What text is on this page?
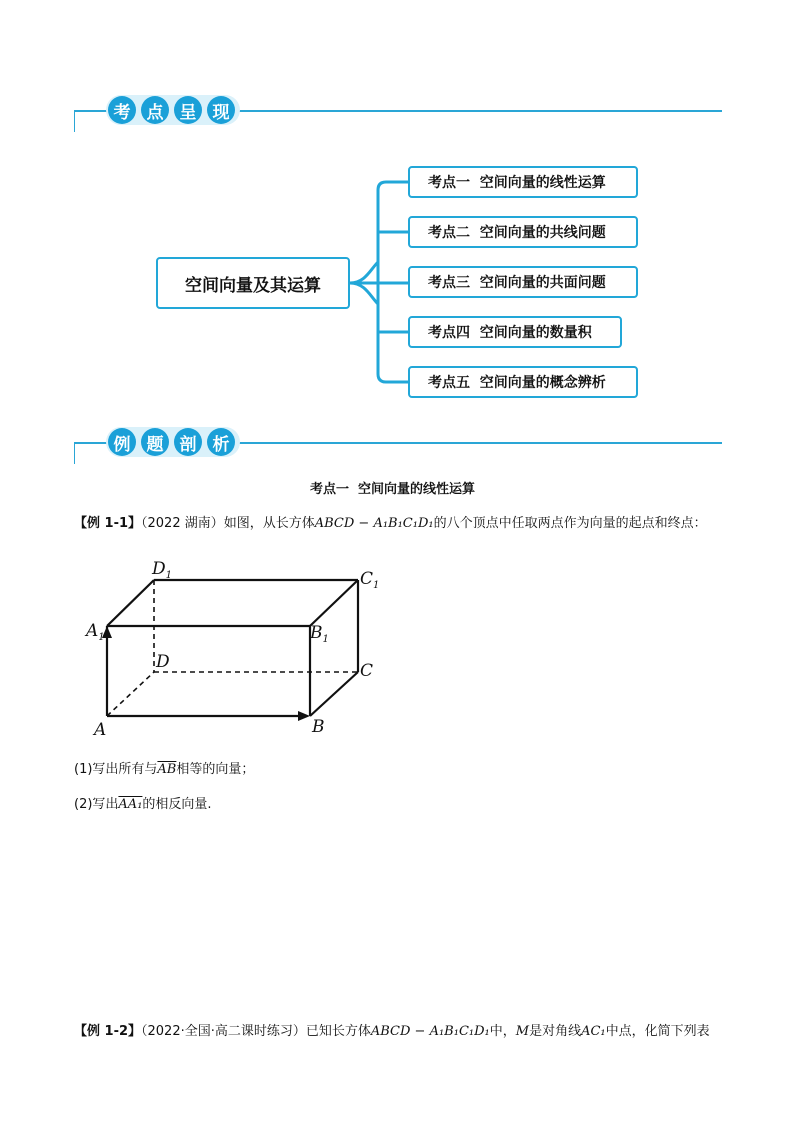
考 点 呈 现
空间向量及其运算
考点一  空间向量的线性运算
考点二  空间向量的共线问题
考点三  空间向量的共面问题
考点四  空间向量的数量积
考点五  空间向量的概念辨析
例 题 剖 析
考点一  空间向量的线性运算
【例 1-1】（2022 湖南）如图，从长方体ABCD − A₁B₁C₁D₁的八个顶点中任取两点作为向量的起点和终点：
$D_1$	$C_1$
$A_1$	$B_1$
D	C
A	B
(1)写出所有与$\overline{AB}$相等的向量；
(2)写出AA₁的相反向量.
【例 1-2】（2022·全国·高二课时练习）已知长方体ABCD − A₁B₁C₁D₁中，M是对角线AC₁中点，化简下列表
